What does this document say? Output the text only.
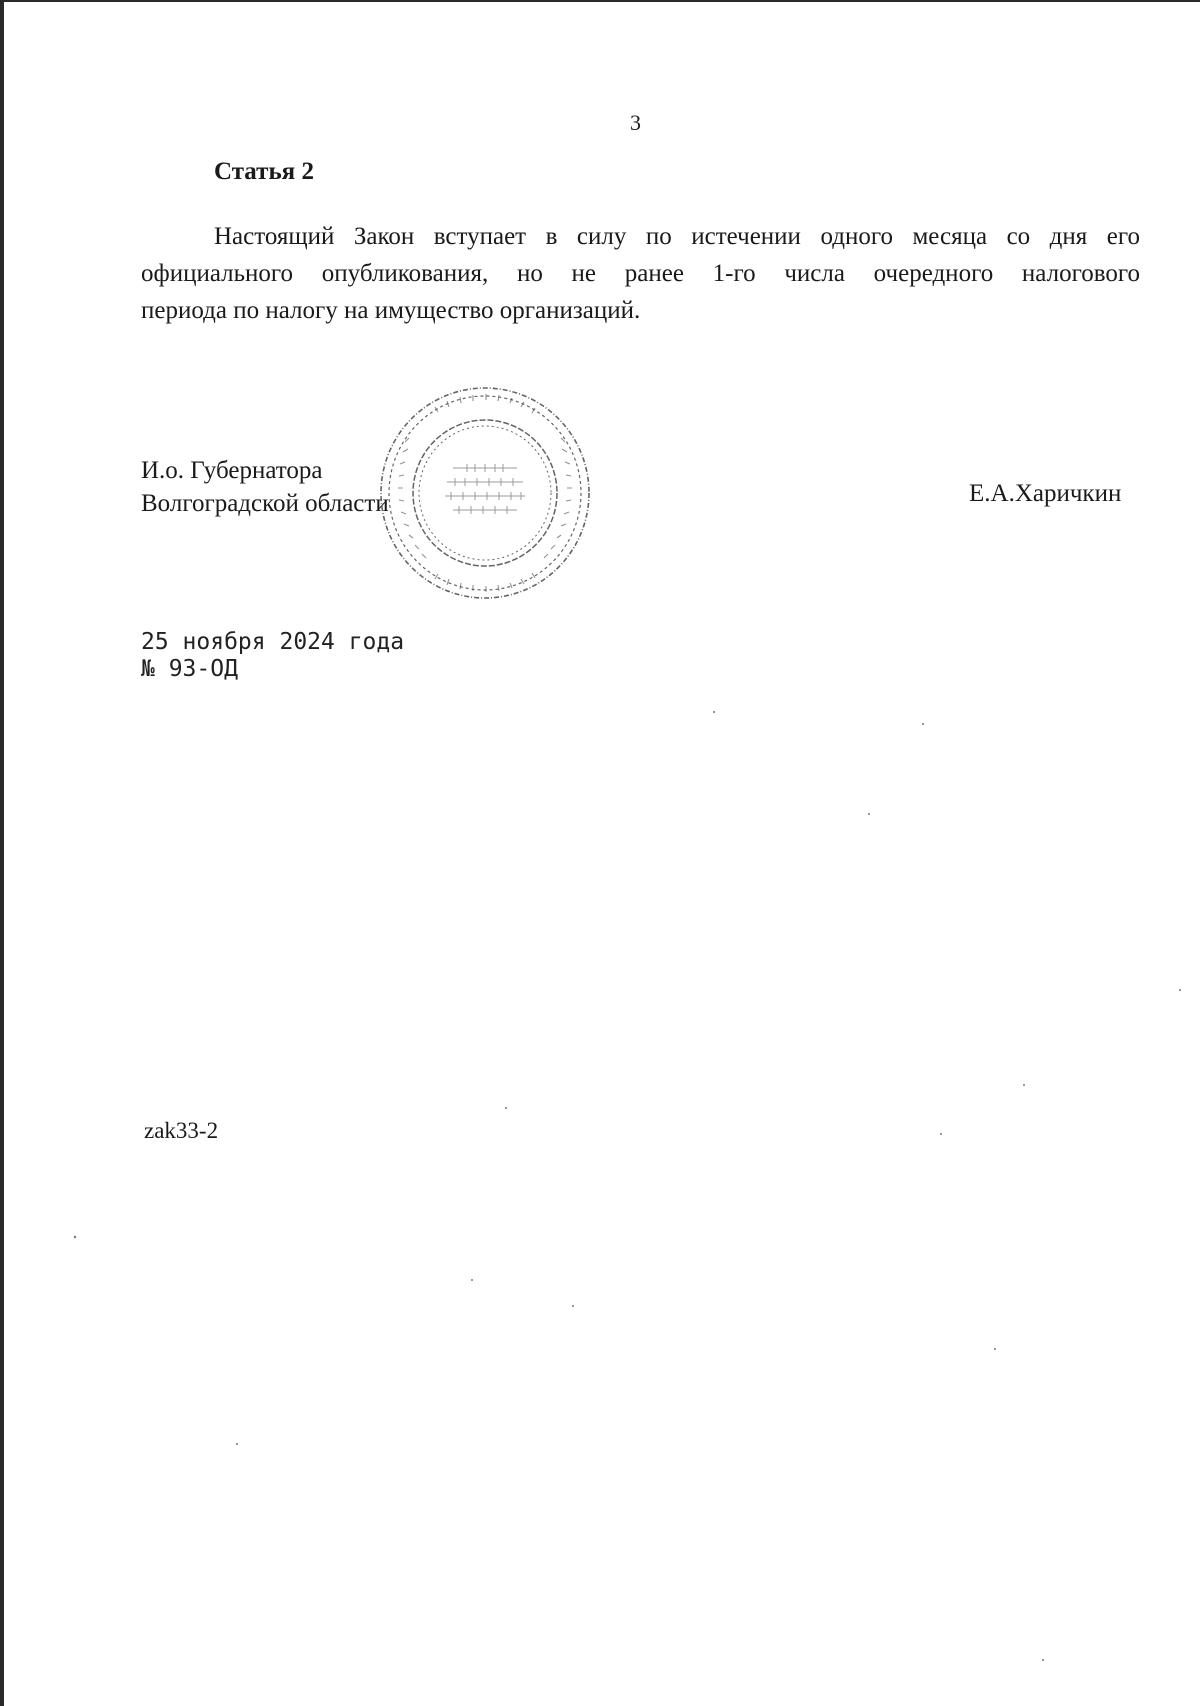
3
Статья 2
Настоящий Закон вступает в силу по истечении одного месяца со дня его
официального опубликования, но не ранее 1-го числа очередного налогового
периода по налогу на имущество организаций.
И.о. Губернатора
Волгоградской области	Е.А.Харичкин
25 ноября 2024 года
№ 93-ОД
zak33-2
